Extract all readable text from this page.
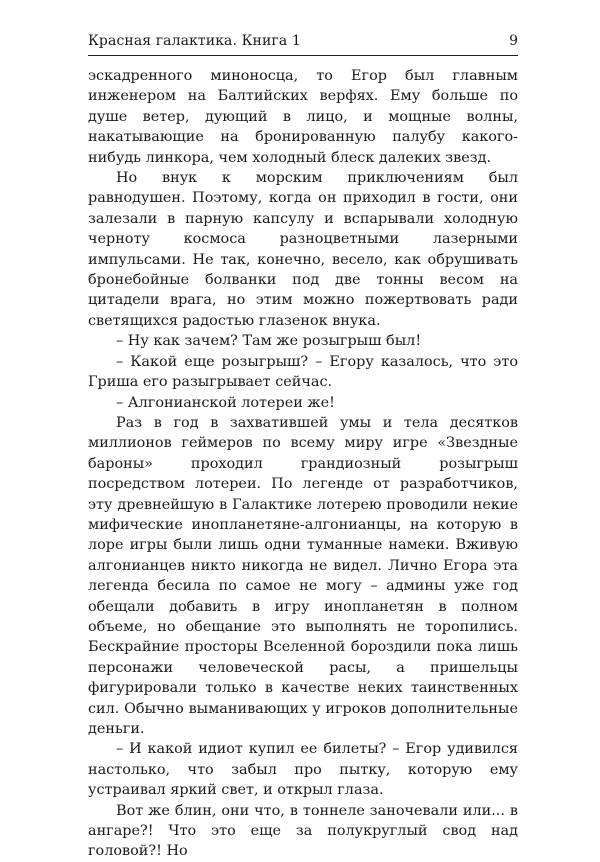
Красная галактика. Книга 1	9

эскадренного миноносца, то Егор был главным инженером на Балтийских верфях. Ему больше по душе ветер, дующий в лицо, и мощные волны, накатывающие на бронированную палубу какого-нибудь линкора, чем холодный блеск далеких звезд.

Но внук к морским приключениям был равнодушен. Поэтому, когда он приходил в гости, они залезали в парную капсулу и вспарывали холодную черноту космоса разноцветными лазерными импульсами. Не так, конечно, весело, как обрушивать бронебойные болванки под две тонны весом на цитадели врага, но этим можно пожертвовать ради светящихся радостью глазенок внука.

– Ну как зачем? Там же розыгрыш был!

– Какой еще розыгрыш? – Егору казалось, что это Гриша его разыгрывает сейчас.

– Алгонианской лотереи же!

Раз в год в захватившей умы и тела десятков миллионов геймеров по всему миру игре «Звездные бароны» проходил грандиозный розыгрыш посредством лотереи. По легенде от разработчиков, эту древнейшую в Галактике лотерею проводили некие мифические инопланетяне-алгонианцы, на которую в лоре игры были лишь одни туманные намеки. Вживую алгонианцев никто никогда не видел. Лично Егора эта легенда бесила по самое не могу – админы уже год обещали добавить в игру инопланетян в полном объеме, но обещание это выполнять не торопились. Бескрайние просторы Вселенной бороздили пока лишь персонажи человеческой расы, а пришельцы фигурировали только в качестве неких таинственных сил. Обычно выманивающих у игроков дополнительные деньги.

– И какой идиот купил ее билеты? – Егор удивился настолько, что забыл про пытку, которую ему устраивал яркий свет, и открыл глаза.

Вот же блин, они что, в тоннеле заночевали или... в ангаре?! Что это еще за полукруглый свод над головой?! Но
